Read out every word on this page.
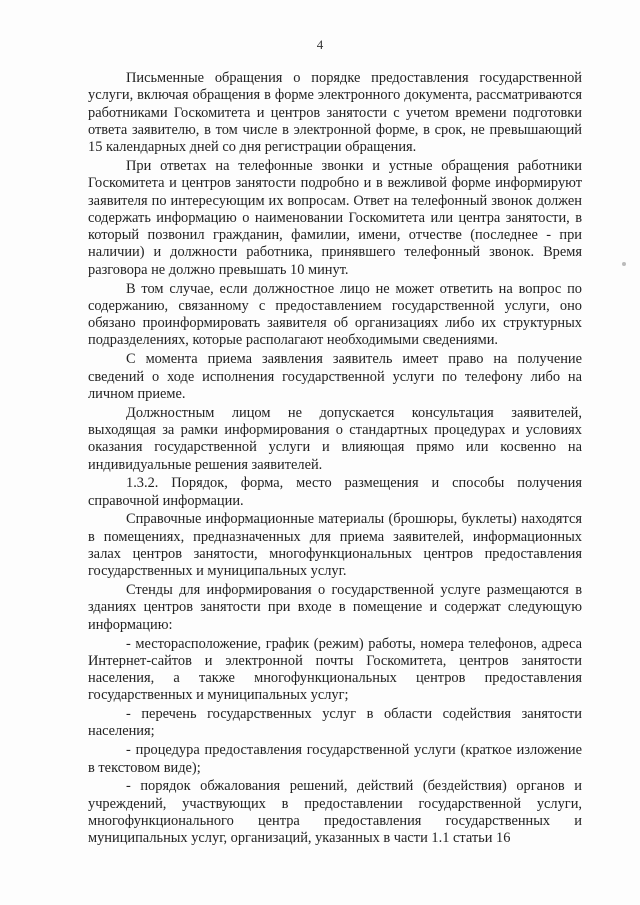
4

Письменные обращения о порядке предоставления государственной услуги, включая обращения в форме электронного документа, рассматриваются работниками Госкомитета и центров занятости с учетом времени подготовки ответа заявителю, в том числе в электронной форме, в срок, не превышающий 15 календарных дней со дня регистрации обращения.

При ответах на телефонные звонки и устные обращения работники Госкомитета и центров занятости подробно и в вежливой форме информируют заявителя по интересующим их вопросам. Ответ на телефонный звонок должен содержать информацию о наименовании Госкомитета или центра занятости, в который позвонил гражданин, фамилии, имени, отчестве (последнее - при наличии) и должности работника, принявшего телефонный звонок. Время разговора не должно превышать 10 минут.

В том случае, если должностное лицо не может ответить на вопрос по содержанию, связанному с предоставлением государственной услуги, оно обязано проинформировать заявителя об организациях либо их структурных подразделениях, которые располагают необходимыми сведениями.

С момента приема заявления заявитель имеет право на получение сведений о ходе исполнения государственной услуги по телефону либо на личном приеме.

Должностным лицом не допускается консультация заявителей, выходящая за рамки информирования о стандартных процедурах и условиях оказания государственной услуги и влияющая прямо или косвенно на индивидуальные решения заявителей.

1.3.2. Порядок, форма, место размещения и способы получения справочной информации.

Справочные информационные материалы (брошюры, буклеты) находятся в помещениях, предназначенных для приема заявителей, информационных залах центров занятости, многофункциональных центров предоставления государственных и муниципальных услуг.

Стенды для информирования о государственной услуге размещаются в зданиях центров занятости при входе в помещение и содержат следующую информацию:

- месторасположение, график (режим) работы, номера телефонов, адреса Интернет-сайтов и электронной почты Госкомитета, центров занятости населения, а также многофункциональных центров предоставления государственных и муниципальных услуг;

- перечень государственных услуг в области содействия занятости населения;

- процедура предоставления государственной услуги (краткое изложение в текстовом виде);

- порядок обжалования решений, действий (бездействия) органов и учреждений, участвующих в предоставлении государственной услуги, многофункционального центра предоставления государственных и муниципальных услуг, организаций, указанных в части 1.1 статьи 16
